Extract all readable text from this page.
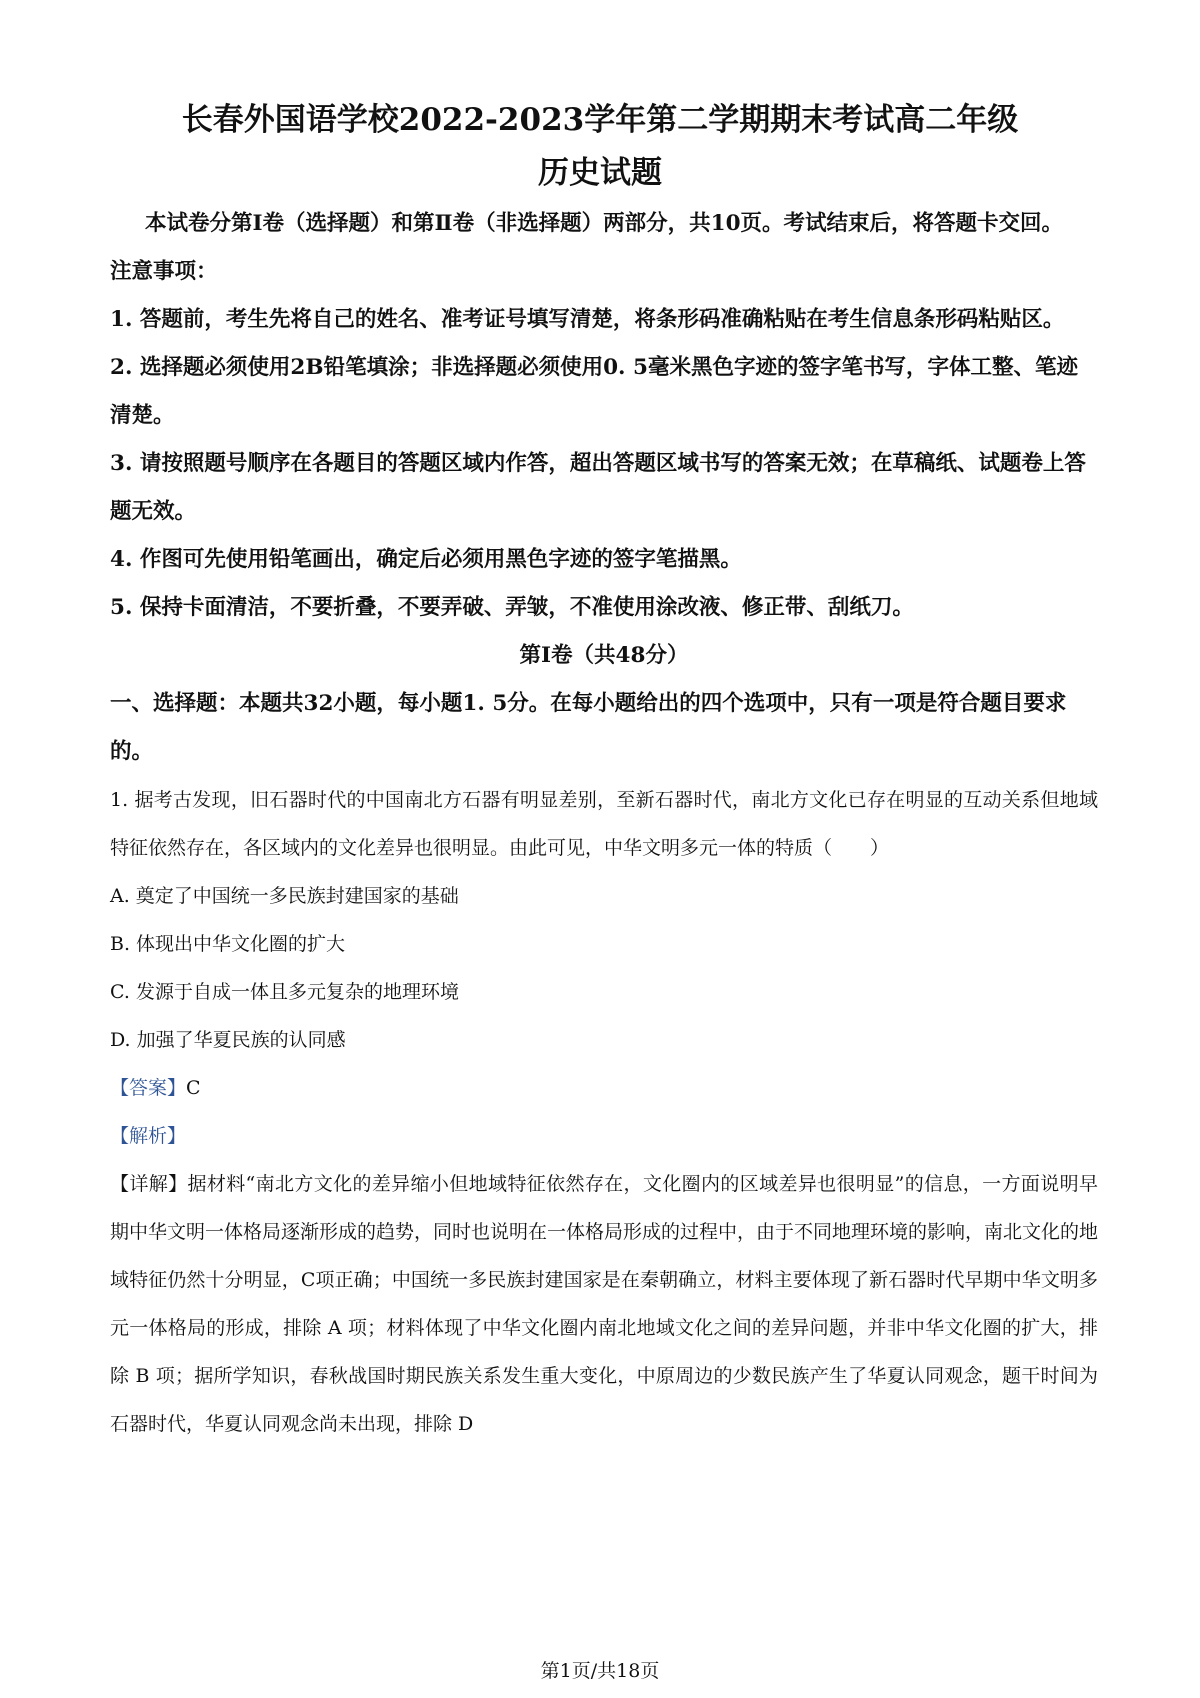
长春外国语学校2022-2023学年第二学期期末考试高二年级
历史试题

本试卷分第Ⅰ卷（选择题）和第Ⅱ卷（非选择题）两部分，共10页。考试结束后，将答题卡交回。

注意事项：

1. 答题前，考生先将自己的姓名、准考证号填写清楚，将条形码准确粘贴在考生信息条形码粘贴区。

2. 选择题必须使用2B铅笔填涂；非选择题必须使用0. 5毫米黑色字迹的签字笔书写，字体工整、笔迹清楚。

3. 请按照题号顺序在各题目的答题区域内作答，超出答题区域书写的答案无效；在草稿纸、试题卷上答题无效。

4. 作图可先使用铅笔画出，确定后必须用黑色字迹的签字笔描黑。

5. 保持卡面清洁，不要折叠，不要弄破、弄皱，不准使用涂改液、修正带、刮纸刀。

第Ⅰ卷（共48分）

一、选择题：本题共32小题，每小题1. 5分。在每小题给出的四个选项中，只有一项是符合题目要求的。

1. 据考古发现，旧石器时代的中国南北方石器有明显差别，至新石器时代，南北方文化已存在明显的互动关系但地域特征依然存在，各区域内的文化差异也很明显。由此可见，中华文明多元一体的特质（　　）

A. 奠定了中国统一多民族封建国家的基础

B. 体现出中华文化圈的扩大

C. 发源于自成一体且多元复杂的地理环境

D. 加强了华夏民族的认同感

【答案】C

【解析】

【详解】据材料“南北方文化的差异缩小但地域特征依然存在，文化圈内的区域差异也很明显”的信息，一方面说明早期中华文明一体格局逐渐形成的趋势，同时也说明在一体格局形成的过程中，由于不同地理环境的影响，南北文化的地域特征仍然十分明显，C项正确；中国统一多民族封建国家是在秦朝确立，材料主要体现了新石器时代早期中华文明多元一体格局的形成，排除 A 项；材料体现了中华文化圈内南北地域文化之间的差异问题，并非中华文化圈的扩大，排除 B 项；据所学知识，春秋战国时期民族关系发生重大变化，中原周边的少数民族产生了华夏认同观念，题干时间为石器时代，华夏认同观念尚未出现，排除 D

第1页/共18页
